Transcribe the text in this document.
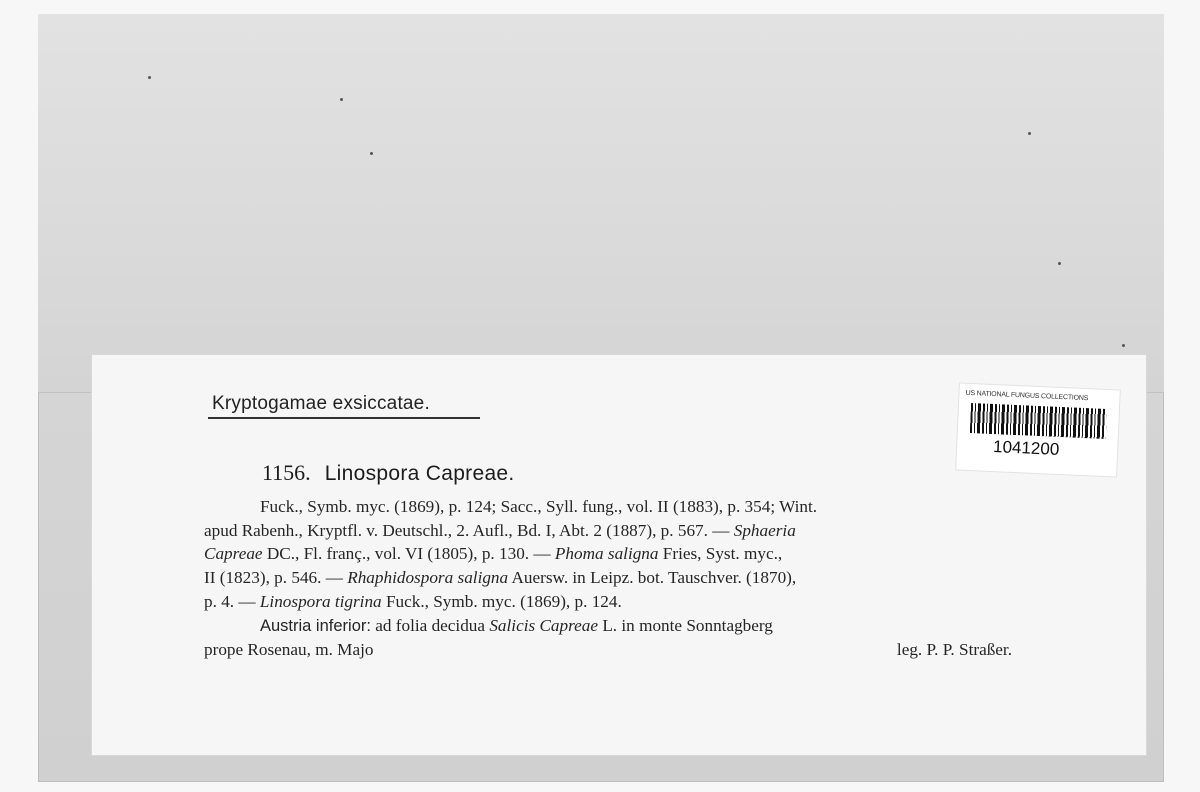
Kryptogamae exsiccatae.	US NATIONAL FUNGUS COLLECTIONS
1041200
1156. Linospora Capreae.
Fuck., Symb. myc. (1869), p. 124; Sacc., Syll. fung., vol. II (1883), p. 354; Wint.
apud Rabenh., Kryptfl. v. Deutschl., 2. Aufl., Bd. I, Abt. 2 (1887), p. 567. — Sphaeria
Capreae DC., Fl. franç., vol. VI (1805), p. 130. — Phoma saligna Fries, Syst. myc.,
II (1823), p. 546. — Rhaphidospora saligna Auersw. in Leipz. bot. Tauschver. (1870),
p. 4. — Linospora tigrina Fuck., Symb. myc. (1869), p. 124.
Austria inferior: ad folia decidua Salicis Capreae L. in monte Sonntagberg
prope Rosenau, m. Majo	leg. P. P. Straßer.
